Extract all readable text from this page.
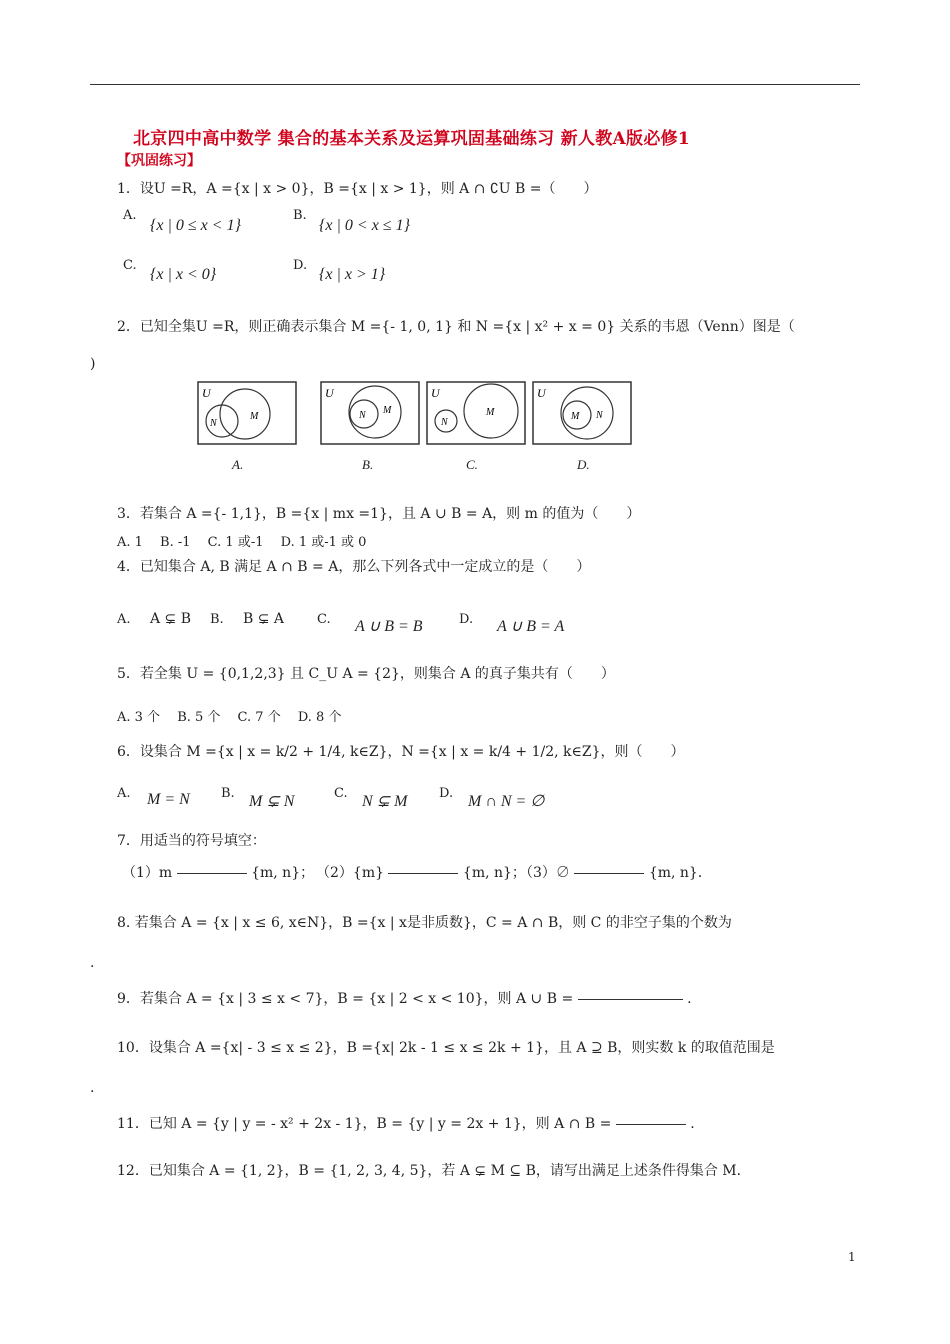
北京四中高中数学 集合的基本关系及运算巩固基础练习 新人教A版必修1
【巩固练习】
1．设U =R，A ={x | x > 0}，B ={x | x > 1}，则 A ∩ ∁U B =（　　）
A.
{x | 0 ≤ x < 1}
B.
{x | 0 < x ≤ 1}
C.
{x | x < 0}
D.
{x | x > 1}
2．已知全集U =R，则正确表示集合 M ={- 1, 0, 1} 和 N ={x | x² + x = 0} 关系的韦恩（Venn）图是（
)
U
N
M
U
N M
U
N
M
U
M N
A.	B.	C.	D.
3．若集合 A ={- 1,1}，B ={x | mx =1}，且 A ∪ B = A，则 m 的值为（　　）
A. 1　 B. -1　 C. 1 或-1　 D. 1 或-1 或 0
4．已知集合 A, B 满足 A ∩ B = A，那么下列各式中一定成立的是（　　）
A. A ⊊ B B. B ⊊ A	C. A ∪ B = B	D. A ∪ B = A
5．若全集 U = {0,1,2,3} 且 C_U A = {2}，则集合 A 的真子集共有（　　）
A. 3 个　 B. 5 个　 C. 7 个　 D. 8 个
6．设集合 M ={x | x = k/2 + 1/4, k∈Z}，N ={x | x = k/4 + 1/2, k∈Z}，则（　　）
A. M = N B. M ⊊ N	C. N ⊊ M D. M ∩ N = ∅
7．用适当的符号填空：
（1）m	{m, n}； （2）{m}	{m, n}；
（3）∅	{m, n}．
8. 若集合 A = {x | x ≤ 6, x∈N}，B ={x | x是非质数}，C = A ∩ B，则 C 的非空子集的个数为
.
9．若集合 A = {x | 3 ≤ x < 7}，B = {x | 2 < x < 10}，则 A ∪ B =	.
10．设集合 A ={x| - 3 ≤ x ≤ 2}，B ={x| 2k - 1 ≤ x ≤ 2k + 1}，且 A ⊇ B，则实数 k 的取值范围是
.
11．已知 A = {y | y = - x² + 2x - 1}，B = {y | y = 2x + 1}，则 A ∩ B =	.
12．已知集合 A = {1, 2}，B = {1, 2, 3, 4, 5}，若 A ⊊ M ⊆ B，请写出满足上述条件得集合 M．
1
